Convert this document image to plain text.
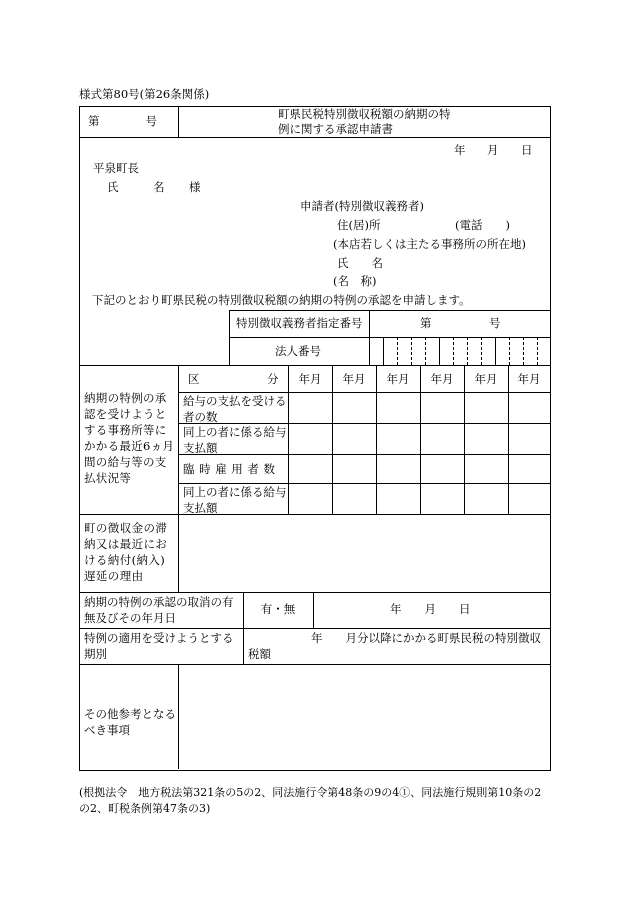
様式第80号(第26条関係)
第　　　　号	町県民税特別徴収税額の納期の特
例に関する承認申請書
年 月 日
平泉町長
氏　　　名 様
申請者(特別徴収義務者)
住(居)所	(電話　　)
(本店若しくは主たる事務所の所在地)
氏　　名
(名　称)
下記のとおり町県民税の特別徴収税額の納期の特例の承認を申請します。
特別徴収義務者指定番号	第　　　　　号
法人番号
納期の特例の承認を受けようとする事務所等にかかる最近6ヵ月間の給与等の支払状況等
区	分	年月	年月	年月	年月	年月	年月
給与の支払を受ける者の数
同上の者に係る給与支払額
臨時雇用者数
同上の者に係る給与支払額
町の徴収金の滞納又は最近における納付(納入)遅延の理由
納期の特例の承認の取消の有無及びその年月日
有・無	年　　月　　日
特例の適用を受けようとする期別
年　　月分以降にかかる町県民税の特別徴収税額
その他参考となるべき事項
(根拠法令　地方税法第321条の5の2、同法施行令第48条の9の4①、同法施行規則第10条の2の2、町税条例第47条の3)
